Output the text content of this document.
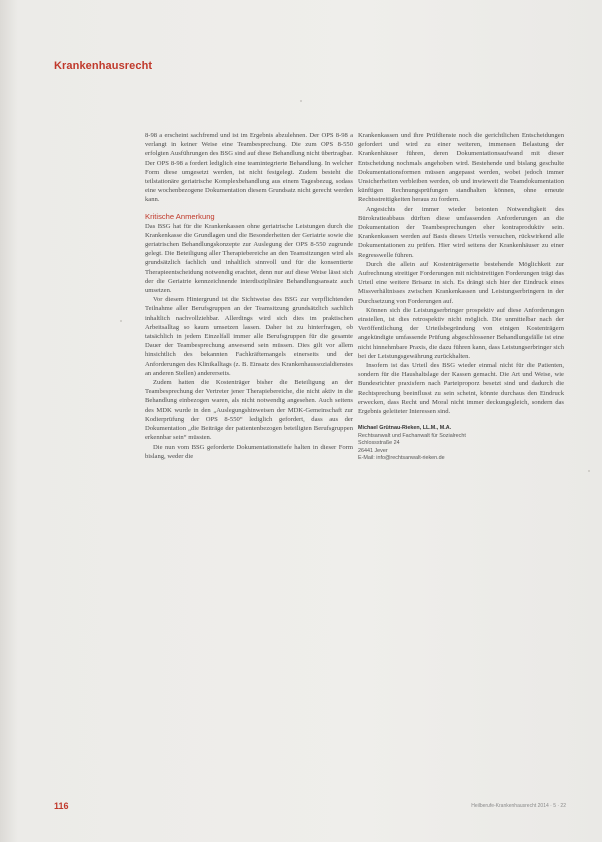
Krankenhausrecht

8-98 a erscheint sachfremd und ist im Ergebnis abzulehnen. Der OPS 8-98 a verlangt in keiner Weise eine Teambesprechung. Die zum OPS 8-550 erfolgten Ausführungen des BSG sind auf diese Behandlung nicht übertragbar. Der OPS 8-98 a fordert lediglich eine teamintegrierte Behandlung. In welcher Form diese umgesetzt werden, ist nicht festgelegt. Zudem besteht die teilstationäre geriatrische Komplexbehandlung aus einem Tagesbezug, sodass eine wochenbezogene Dokumentation diesem Grundsatz nicht gerecht werden kann.

Kritische Anmerkung

Das BSG hat für die Krankenkassen ohne geriatrische Leistungen durch die Krankenkasse die Grundlagen und die Besonderheiten der Geriatrie sowie die geriatrischen Behandlungskonzepte zur Auslegung der OPS 8-550 zugrunde gelegt. Die Beteiligung aller Therapiebereiche an den Teamsitzungen wird als grundsätzlich fachlich und inhaltlich sinnvoll und für die konsentierte Therapieentscheidung notwendig erachtet, denn nur auf diese Weise lässt sich der die Geriatrie kennzeichnende interdisziplinäre Behandlungsansatz auch umsetzen.

Vor diesem Hintergrund ist die Sichtweise des BSG zur verpflichtenden Teilnahme aller Berufsgruppen an der Teamsitzung grundsätzlich sachlich inhaltlich nachvollziehbar. Allerdings wird sich dies im praktischen Arbeitsalltag so kaum umsetzen lassen. Daher ist zu hinterfragen, ob tatsächlich in jedem Einzelfall immer alle Berufsgruppen für die gesamte Dauer der Teambesprechung anwesend sein müssen. Dies gilt vor allem hinsichtlich des bekannten Fachkräftemangels einerseits und der Anforderungen des Klinikalltags (z. B. Einsatz des Krankenhaussozialdienstes an anderen Stellen) andererseits.

Zudem hatten die Kostenträger bisher die Beteiligung an der Teambesprechung der Vertreter jener Therapiebereiche, die nicht aktiv in die Behandlung einbezogen waren, als nicht notwendig angesehen. Auch seitens des MDK wurde in den „Auslegungshinweisen der MDK-Gemeinschaft zur Kodierprüfung der OPS 8-550“ lediglich gefordert, dass aus der Dokumentation „die Beiträge der patientenbezogen beteiligten Berufsgruppen erkennbar sein“ müssten.

Die nun vom BSG geforderte Dokumentationstiefe halten in dieser Form bislang, weder die

Krankenkassen und ihre Prüfdienste noch die gerichtlichen Entscheidungen gefordert und wird zu einer weiteren, immensen Belastung der Krankenhäuser führen, deren Dokumentationsaufwand mit dieser Entscheidung nochmals angehoben wird. Bestehende und bislang geschulte Dokumentationsformen müssen angepasst werden, wobei jedoch immer Unsicherheiten verbleiben werden, ob und inwieweit die Teamdokumentation künftigen Rechnungsprüfungen standhalten können, ohne erneute Rechtsstreitigkeiten heraus zu fordern.

Angesichts der immer wieder betonten Notwendigkeit des Bürokratieabbaus dürften diese umfassenden Anforderungen an die Dokumentation der Teambesprechungen eher kontraproduktiv sein. Krankenkassen werden auf Basis dieses Urteils versuchen, rückwirkend alle Dokumentationen zu prüfen. Hier wird seitens der Krankenhäuser zu einer Regresswelle führen.

Durch die allein auf Kostenträgerseite bestehende Möglichkeit zur Aufrechnung streitiger Forderungen mit nichtstreitigen Forderungen trägt das Urteil eine weitere Brisanz in sich. Es drängt sich hier der Eindruck eines Missverhältnisses zwischen Krankenkassen und Leistungserbringern in der Durchsetzung von Forderungen auf.

Können sich die Leistungserbringer prospektiv auf diese Anforderungen einstellen, ist dies retrospektiv nicht möglich. Die unmittelbar nach der Veröffentlichung der Urteilsbegründung von einigen Kostenträgern angekündigte umfassende Prüfung abgeschlossener Behandlungsfälle ist eine nicht hinnehmbare Praxis, die dazu führen kann, dass Leistungserbringer sich bei der Leistungsgewährung zurückhalten.

Insofern ist das Urteil des BSG wieder einmal nicht für die Patienten, sondern für die Haushaltslage der Kassen gemacht. Die Art und Weise, wie Bundesrichter praxisfern nach Parteiproporz besetzt sind und dadurch die Rechtsprechung beeinflusst zu sein scheint, könnte durchaus den Eindruck erwecken, dass Recht und Moral nicht immer deckungsgleich, sondern das Ergebnis geleiteter Interessen sind.

Michael Grütnau-Rieken, LL.M., M.A.
Rechtsanwalt und Fachanwalt für Sozialrecht
Schlossstraße 24
26441 Jever
E-Mail: info@rechtsanwalt-rieken.de
116	Heilberufe-Krankenhausrecht 2014 · 5 · 22
